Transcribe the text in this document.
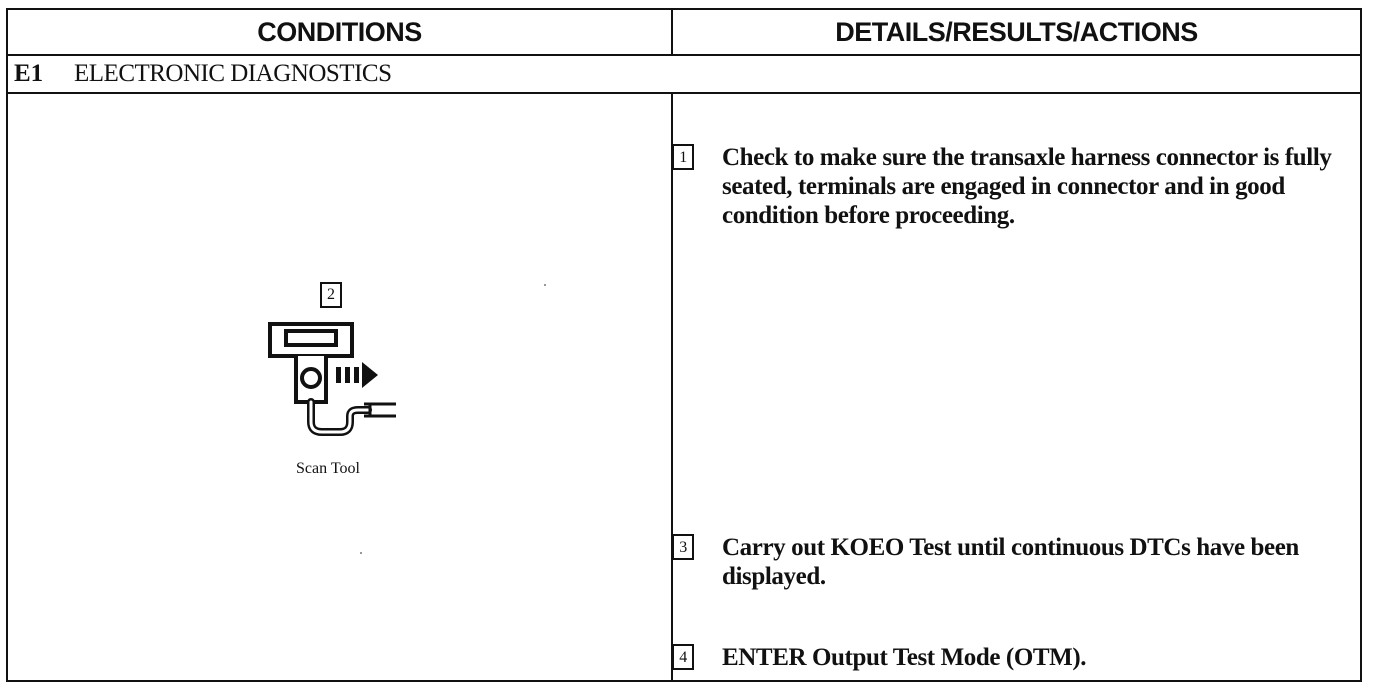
CONDITIONS	DETAILS/RESULTS/ACTIONS
E1	ELECTRONIC DIAGNOSTICS
2
Scan Tool
1 Check to make sure the transaxle harness connector is fully seated, terminals are engaged in connector and in good condition before proceeding.
3 Carry out KOEO Test until continuous DTCs have been displayed.
4 ENTER Output Test Mode (OTM).
